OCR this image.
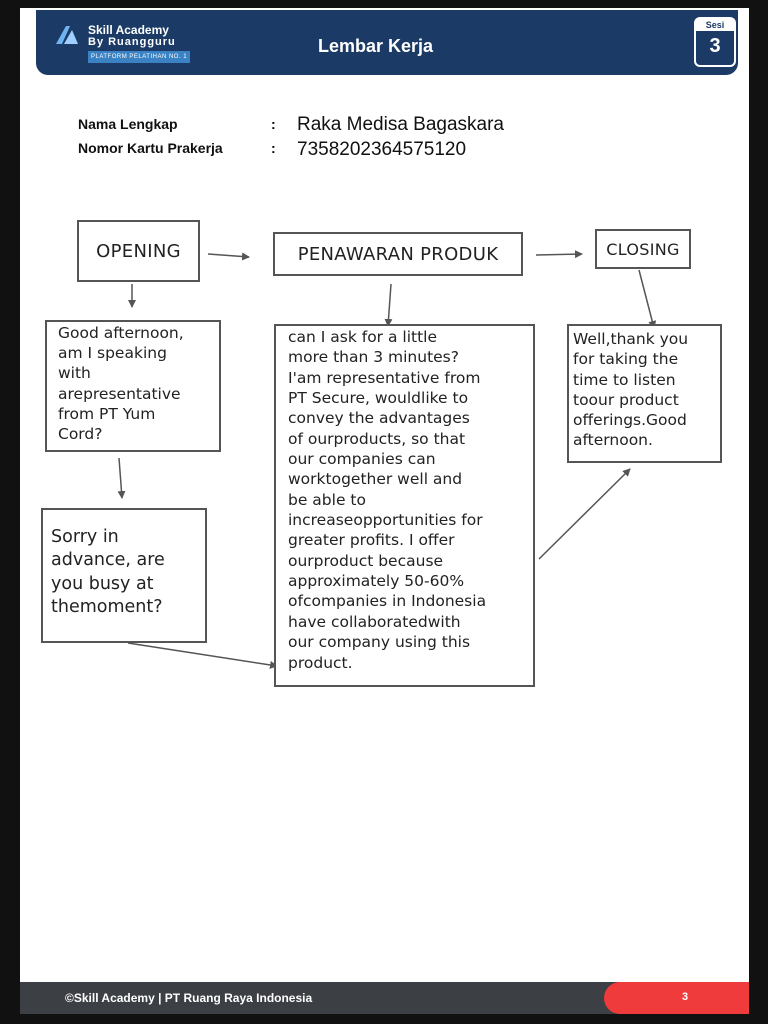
Skill Academy
By Ruangguru
PLATFORM PELATIHAN NO. 1
Lembar Kerja
Sesi
3
Nama Lengkap	: Raka Medisa Bagaskara
Nomor Kartu Prakerja	: 7358202364575120
OPENING	PENAWARAN PRODUK	CLOSING
Good afternoon,
am I speaking
with
arepresentative
from PT Yum
Cord?
Sorry in
advance, are
you busy at
themoment?
can I ask for a little
more than 3 minutes?
I'am representative from
PT Secure, wouldlike to
convey the advantages
of ourproducts, so that
our companies can
worktogether well and
be able to
increaseopportunities for
greater profits. I offer
ourproduct because
approximately 50-60%
ofcompanies in Indonesia
have collaboratedwith
our company using this
product.
Well,thank you
for taking the
time to listen
toour product
offerings.Good
afternoon.
©Skill Academy | PT Ruang Raya Indonesia	3
